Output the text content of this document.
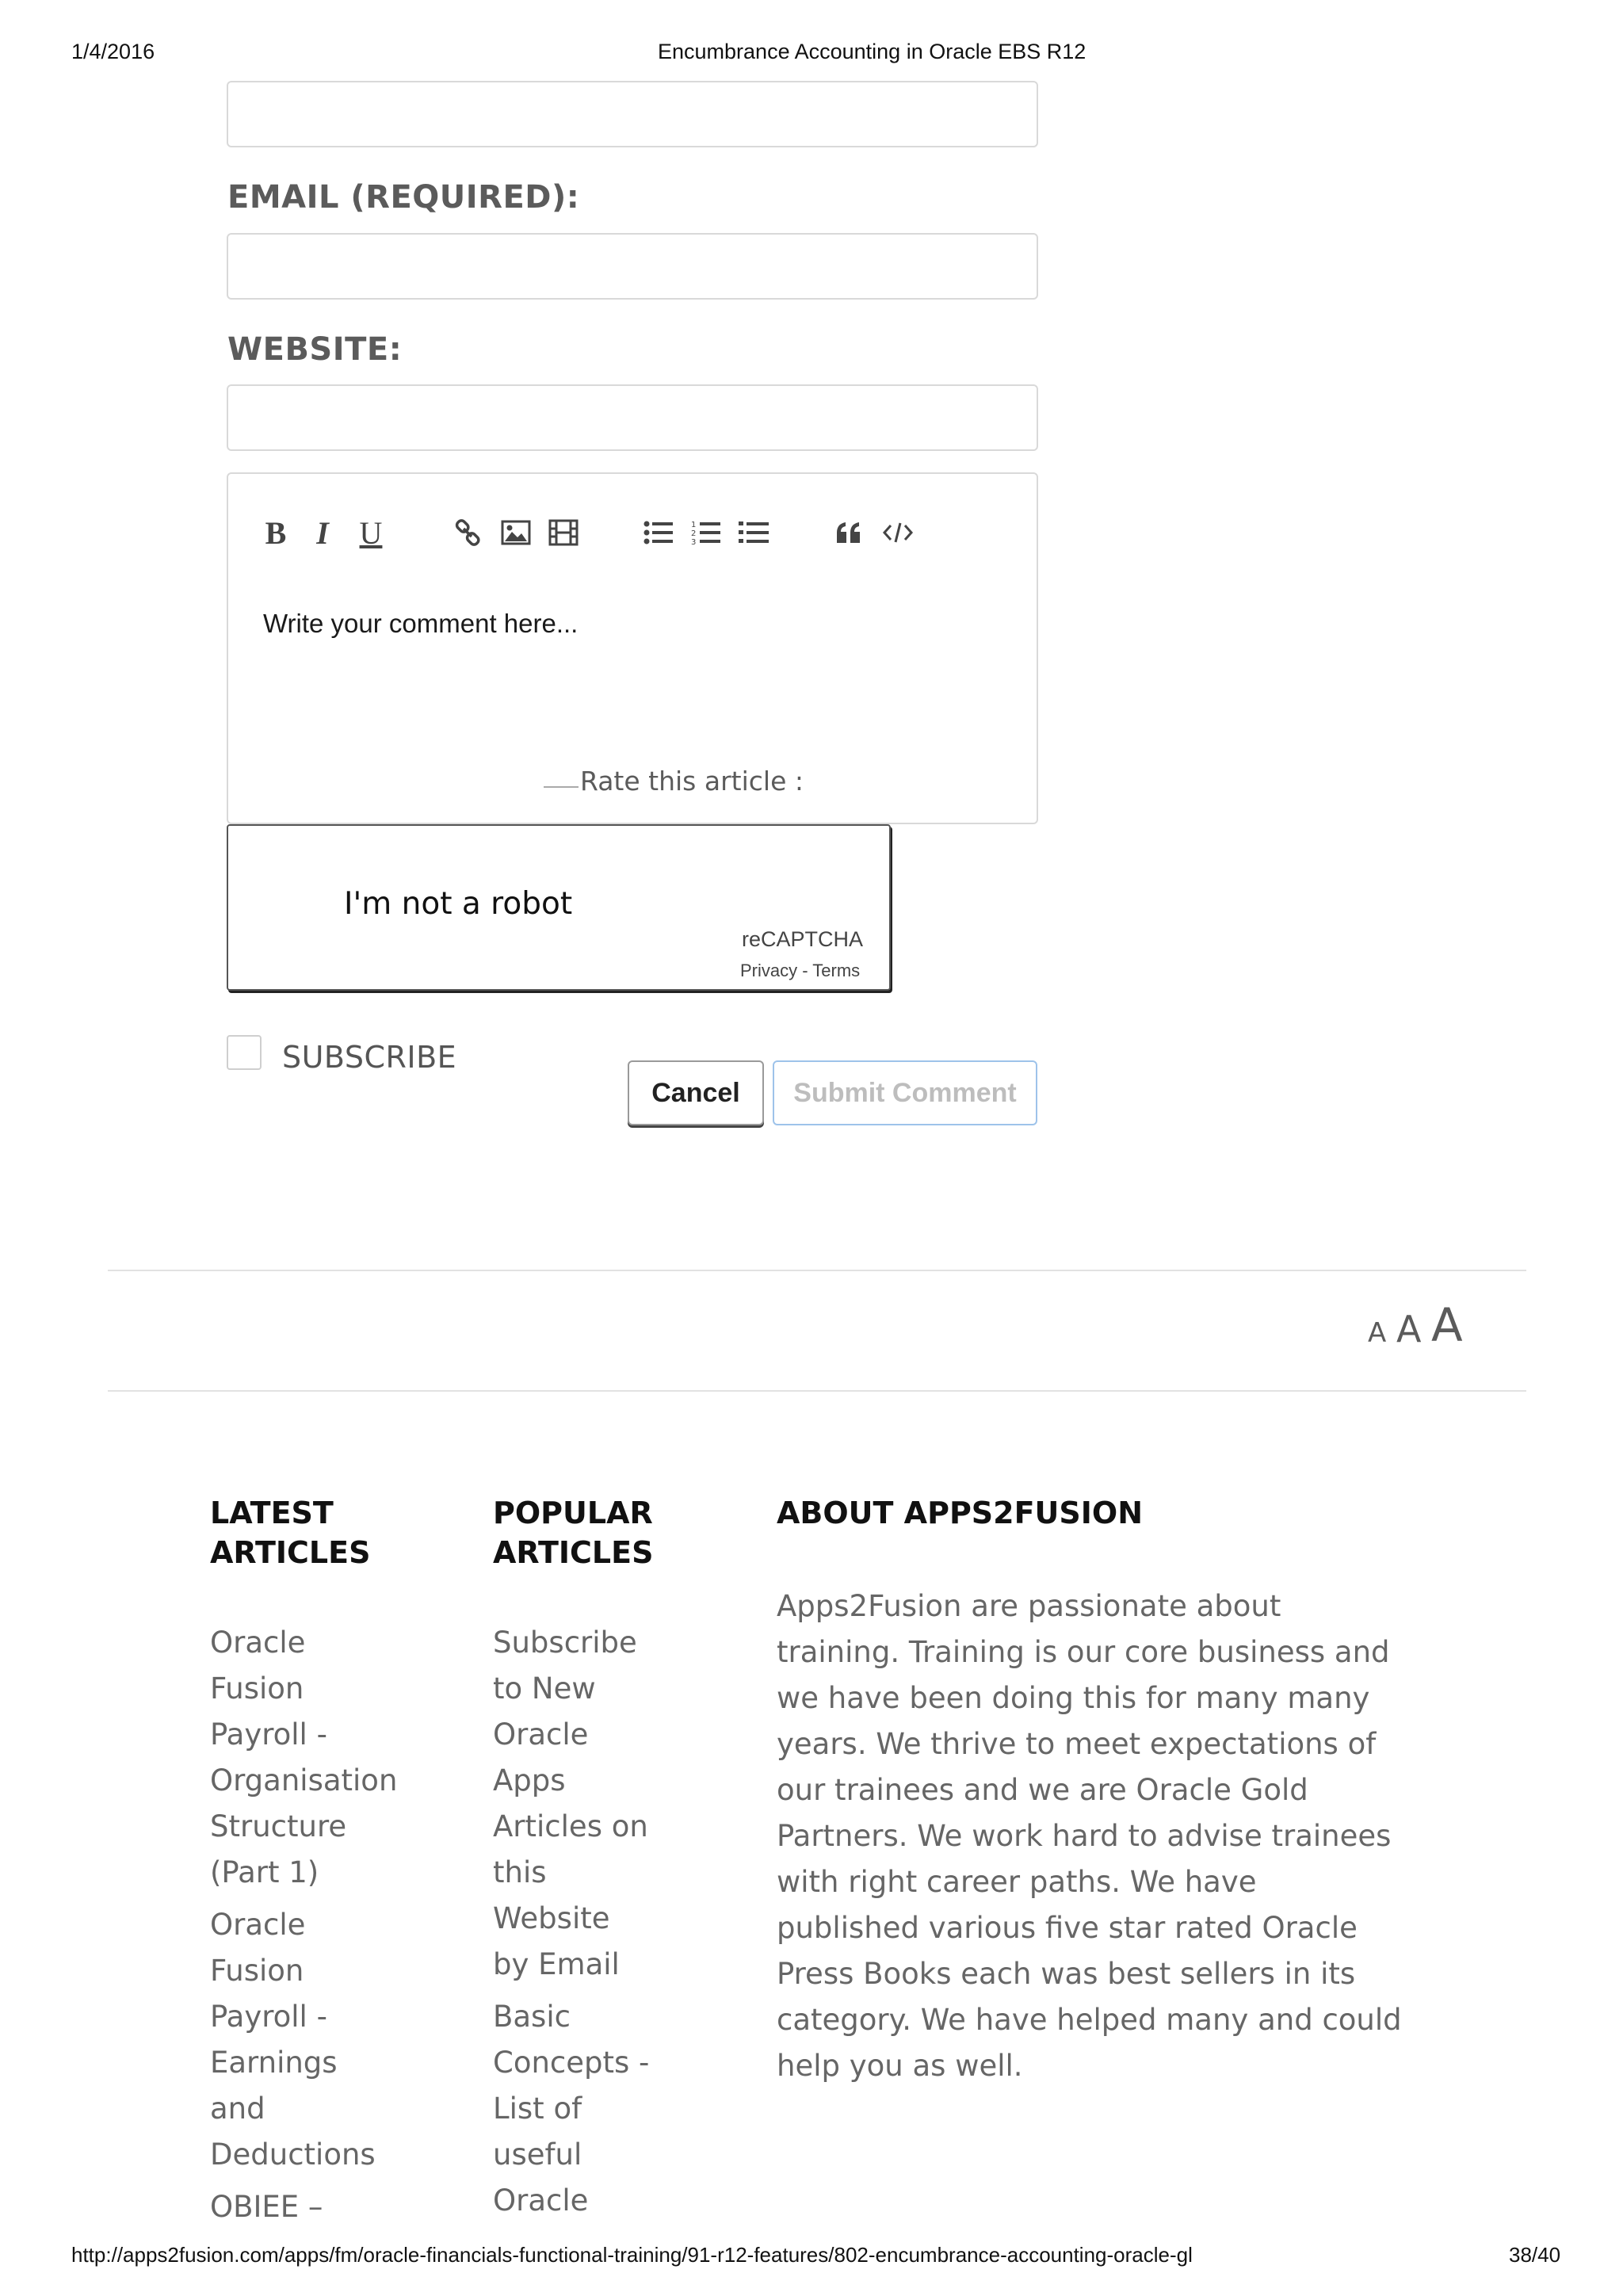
1/4/2016	Encumbrance Accounting in Oracle EBS R12
EMAIL (REQUIRED):
WEBSITE:
B I U	1
2
3
Write your comment here...
Rate this article :
I'm not a robot
reCAPTCHA
Privacy - Terms
SUBSCRIBE
Cancel	Submit Comment
A A A
LATEST ARTICLES
Oracle Fusion Payroll - Organisation Structure (Part 1)
Oracle Fusion Payroll - Earnings and Deductions
OBIEE –
POPULAR ARTICLES
Subscribe to New Oracle Apps Articles on this Website by Email
Basic Concepts - List of useful Oracle
ABOUT APPS2FUSION
Apps2Fusion are passionate about training. Training is our core business and we have been doing this for many many years. We thrive to meet expectations of our trainees and we are Oracle Gold Partners. We work hard to advise trainees with right career paths. We have published various five star rated Oracle Press Books each was best sellers in its category. We have helped many and could help you as well.
http://apps2fusion.com/apps/fm/oracle-financials-functional-training/91-r12-features/802-encumbrance-accounting-oracle-gl	38/40
